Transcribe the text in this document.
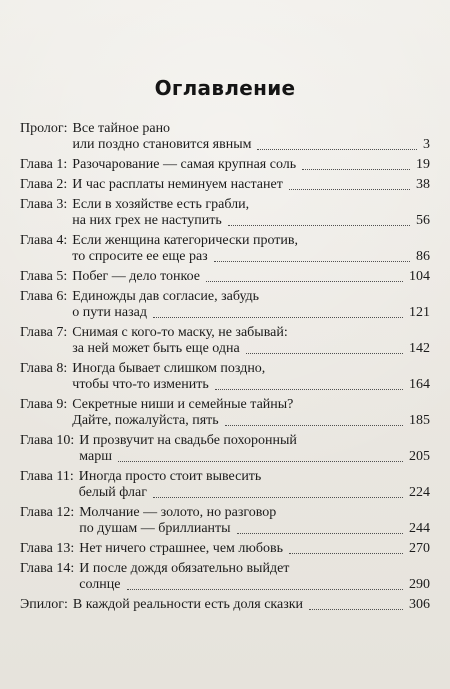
Оглавление
Пролог: Все тайное рано
или поздно становится явным	3
Глава 1: Разочарование — самая крупная соль	19
Глава 2: И час расплаты неминуем настанет	38
Глава 3: Если в хозяйстве есть грабли,
на них грех не наступить	56
Глава 4: Если женщина категорически против,
то спросите ее еще раз	86
Глава 5: Побег — дело тонкое	104
Глава 6: Единожды дав согласие, забудь
о пути назад	121
Глава 7: Снимая с кого-то маску, не забывай:
за ней может быть еще одна	142
Глава 8: Иногда бывает слишком поздно,
чтобы что-то изменить	164
Глава 9: Секретные ниши и семейные тайны?
Дайте, пожалуйста, пять	185
Глава 10: И прозвучит на свадьбе похоронный
марш	205
Глава 11: Иногда просто стоит вывесить
белый флаг	224
Глава 12: Молчание — золото, но разговор
по душам — бриллианты	244
Глава 13: Нет ничего страшнее, чем любовь	270
Глава 14: И после дождя обязательно выйдет
солнце	290
Эпилог: В каждой реальности есть доля сказки	306
